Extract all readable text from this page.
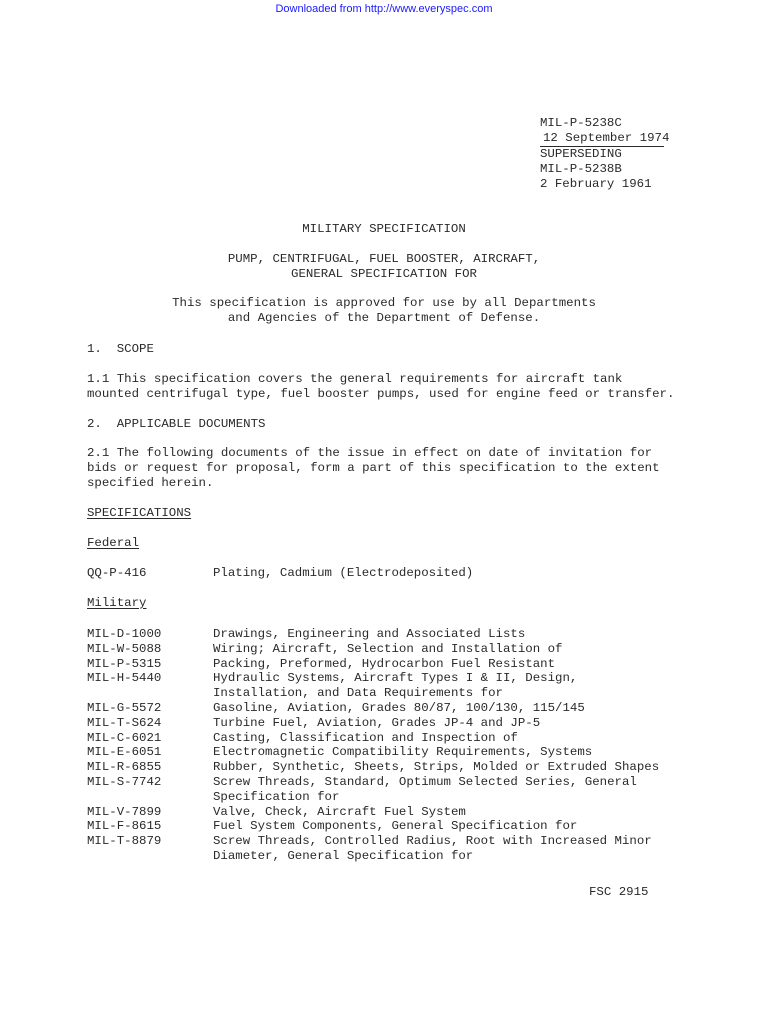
Downloaded from http://www.everyspec.com
MIL-P-5238C
12 September 1974
SUPERSEDING
MIL-P-5238B
2 February 1961
MILITARY SPECIFICATION
PUMP, CENTRIFUGAL, FUEL BOOSTER, AIRCRAFT,
GENERAL SPECIFICATION FOR
This specification is approved for use by all Departments
and Agencies of the Department of Defense.
1.  SCOPE
1.1 This specification covers the general requirements for aircraft tank
mounted centrifugal type, fuel booster pumps, used for engine feed or transfer.
2.  APPLICABLE DOCUMENTS
2.1 The following documents of the issue in effect on date of invitation for
bids or request for proposal, form a part of this specification to the extent
specified herein.
SPECIFICATIONS
Federal
QQ-P-416	Plating, Cadmium (Electrodeposited)
Military
MIL-D-1000	Drawings, Engineering and Associated Lists
MIL-W-5088	Wiring; Aircraft, Selection and Installation of
MIL-P-5315	Packing, Preformed, Hydrocarbon Fuel Resistant
MIL-H-5440	Hydraulic Systems, Aircraft Types I & II, Design,
Installation, and Data Requirements for
MIL-G-5572	Gasoline, Aviation, Grades 80/87, 100/130, 115/145
MIL-T-S624	Turbine Fuel, Aviation, Grades JP-4 and JP-5
MIL-C-6021	Casting, Classification and Inspection of
MIL-E-6051	Electromagnetic Compatibility Requirements, Systems
MIL-R-6855	Rubber, Synthetic, Sheets, Strips, Molded or Extruded Shapes
MIL-S-7742	Screw Threads, Standard, Optimum Selected Series, General
Specification for
MIL-V-7899	Valve, Check, Aircraft Fuel System
MIL-F-8615	Fuel System Components, General Specification for
MIL-T-8879	Screw Threads, Controlled Radius, Root with Increased Minor
Diameter, General Specification for
FSC 2915
